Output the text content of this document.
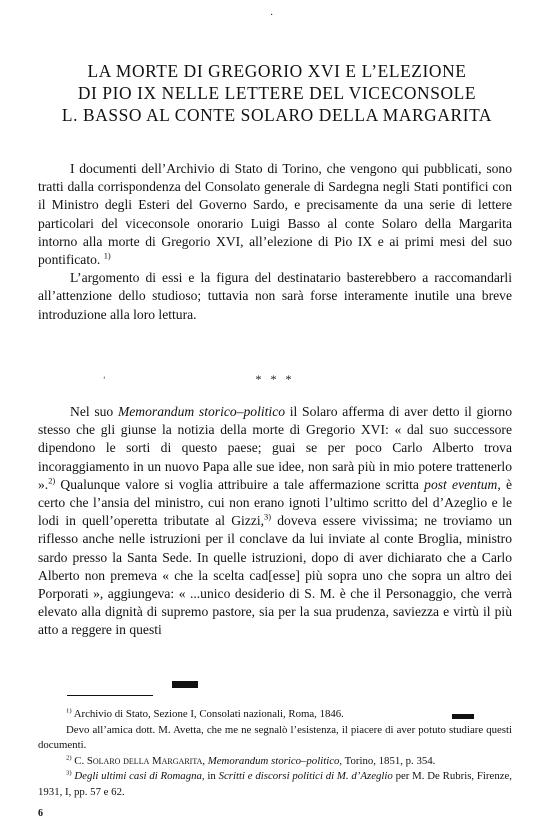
·
LA MORTE DI GREGORIO XVI E L’ELEZIONE
DI PIO IX NELLE LETTERE DEL VICECONSOLE
L. BASSO AL CONTE SOLARO DELLA MARGARITA

I documenti dell’Archivio di Stato di Torino, che vengono qui pubblicati, sono tratti dalla corrispondenza del Consolato generale di Sardegna negli Stati pontifici con il Ministro degli Esteri del Governo Sardo, e precisamente da una serie di lettere particolari del viceconsole onorario Luigi Basso al conte Solaro della Margarita intorno alla morte di Gregorio XVI, all’elezione di Pio IX e ai primi mesi del suo pontificato. $^{1)}$

L’argomento di essi e la figura del destinatario basterebbero a raccomandarli all’attenzione dello studioso; tuttavia non sarà forse interamente inutile una breve introduzione alla loro lettura.

‘	* * *

Nel suo Memorandum storico–politico il Solaro afferma di aver detto il giorno stesso che gli giunse la notizia della morte di Gregorio XVI: « dal suo successore dipendono le sorti di questo paese; guai se per poco Carlo Alberto trova incoraggiamento in un nuovo Papa alle sue idee, non sarà più in mio potere trattenerlo ».$^{2)}$ Qualunque valore si voglia attribuire a tale affermazione scritta post eventum, è certo che l’ansia del ministro, cui non erano ignoti l’ultimo scritto del d’Azeglio e le lodi in quell’operetta tributate al Gizzi,$^{3)}$ doveva essere vivissima; ne troviamo un riflesso anche nelle istruzioni per il conclave da lui inviate al conte Broglia, ministro sardo presso la Santa Sede. In quelle istruzioni, dopo di aver dichiarato che a Carlo Alberto non premeva « che la scelta cad[esse] più sopra uno che sopra un altro dei Porporati », aggiungeva: « ...unico desiderio di S. M. è che il Personaggio, che verrà elevato alla dignità di supremo pastore, sia per la sua prudenza, saviezza e virtù il più atto a reggere in questi

$^{1)}$ Archivio di Stato, Sezione I, Consolati nazionali, Roma, 1846.

Devo all’amica dott. M. Avetta, che me ne segnalò l’esistenza, il piacere di aver potuto studiare questi documenti.

$^{2)}$ C. Solaro della Margarita, Memorandum storico–politico, Torino, 1851, p. 354.

$^{3)}$ Degli ultimi casi di Romagna, in Scritti e discorsi politici di M. d’Azeglio per M. De Rubris, Firenze, 1931, I, pp. 57 e 62.

6
